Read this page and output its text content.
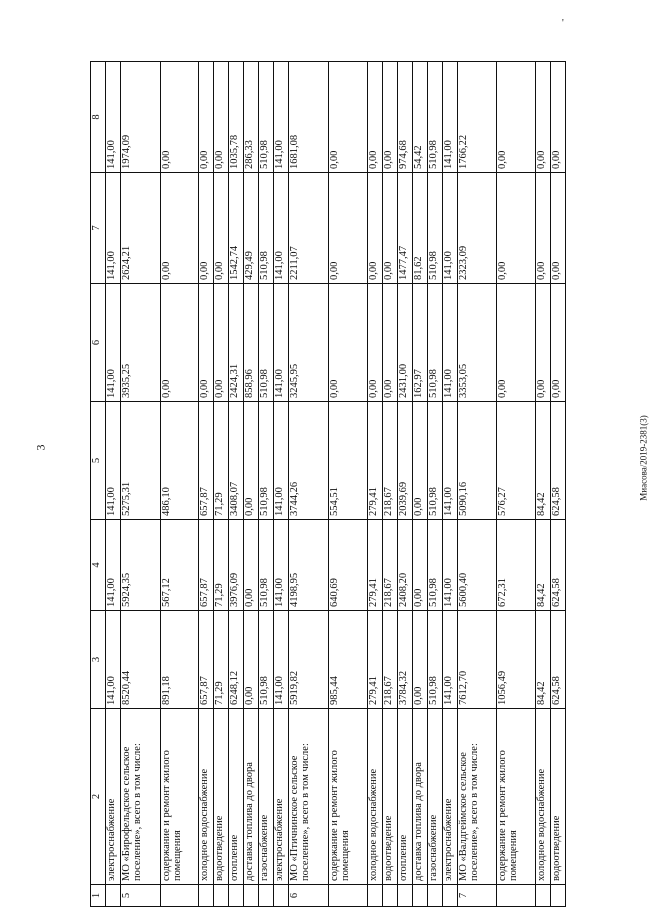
'
3	Миасова/2019-2381(3)
1	2	3	4	5	6	7	8
	электроснабжение	141,00	141,00	141,00	141,00	141,00	141,00
5	МО «Бирофельдское сельское поселение», всего в том числе:	8520,44	5924,35	5275,31	3935,25	2624,21	1974,09
	содержание и ремонт жилого помещения	891,18	567,12	486,10	0,00	0,00	0,00
	холодное водоснабжение	657,87	657,87	657,87	0,00	0,00	0,00
	водоотведение	71,29	71,29	71,29	0,00	0,00	0,00
	отопление	6248,12	3976,09	3408,07	2424,31	1542,74	1035,78
	доставка топлива до двора	0,00	0,00	0,00	858,96	429,49	286,33
	газоснабжение	510,98	510,98	510,98	510,98	510,98	510,98
	электроснабжение	141,00	141,00	141,00	141,00	141,00	141,00
6	МО «Птичнинское сельское поселение», всего в том числе:	5919,82	4198,95	3744,26	3245,95	2211,07	1681,08
	содержание и ремонт жилого помещения	985,44	640,69	554,51	0,00	0,00	0,00
	холодное водоснабжение	279,41	279,41	279,41	0,00	0,00	0,00
	водоотведение	218,67	218,67	218,67	0,00	0,00	0,00
	отопление	3784,32	2408,20	2039,69	2431,00	1477,47	974,68
	доставка топлива до двора	0,00	0,00	0,00	162,97	81,62	54,42
	газоснабжение	510,98	510,98	510,98	510,98	510,98	510,98
	электроснабжение	141,00	141,00	141,00	141,00	141,00	141,00
7	МО «Валдгеймское сельское поселение», всего в том числе:	7612,70	5600,40	5090,16	3353,05	2323,09	1766,22
	содержание и ремонт жилого помещения	1056,49	672,31	576,27	0,00	0,00	0,00
	холодное водоснабжение	84,42	84,42	84,42	0,00	0,00	0,00
	водоотведение	624,58	624,58	624,58	0,00	0,00	0,00
